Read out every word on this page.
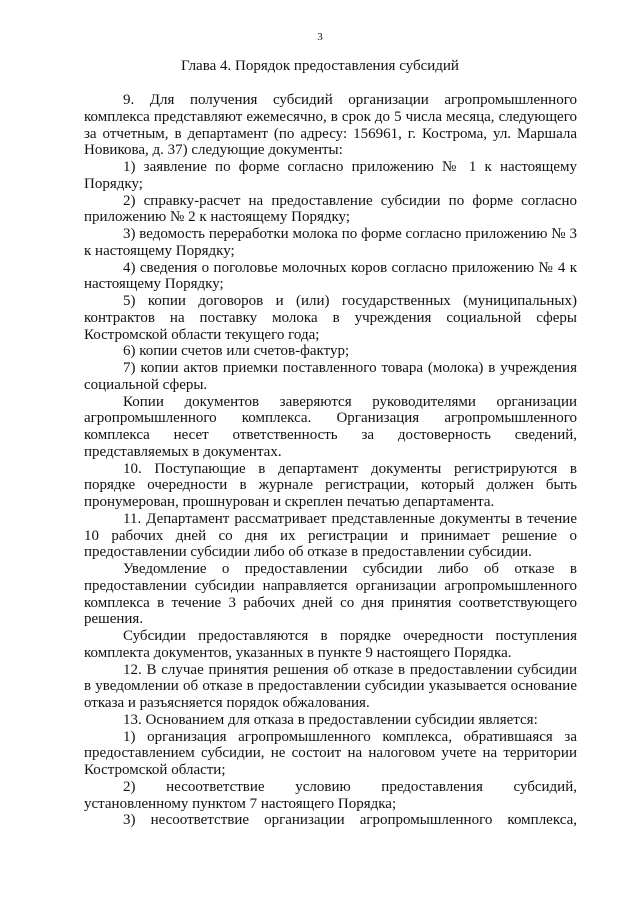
3
Глава 4. Порядок предоставления субсидий

9. Для получения субсидий организации агропромышленного комплекса представляют ежемесячно, в срок до 5 числа месяца, следующего за отчетным, в департамент (по адресу: 156961, г. Кострома, ул. Маршала Новикова, д. 37) следующие документы:

1) заявление по форме согласно приложению № 1 к настоящему Порядку;

2) справку-расчет на предоставление субсидии по форме согласно приложению № 2 к настоящему Порядку;

3) ведомость переработки молока по форме согласно приложению № 3 к настоящему Порядку;

4) сведения о поголовье молочных коров согласно приложению № 4 к настоящему Порядку;

5) копии договоров и (или) государственных (муниципальных) контрактов на поставку молока в учреждения социальной сферы Костромской области текущего года;

6) копии счетов или счетов-фактур;

7) копии актов приемки поставленного товара (молока) в учреждения социальной сферы.

Копии документов заверяются руководителями организации агропромышленного комплекса. Организация агропромышленного комплекса несет ответственность за достоверность сведений, представляемых в документах.

10. Поступающие в департамент документы регистрируются в порядке очередности в журнале регистрации, который должен быть пронумерован, прошнурован и скреплен печатью департамента.

11. Департамент рассматривает представленные документы в течение 10 рабочих дней со дня их регистрации и принимает решение о предоставлении субсидии либо об отказе в предоставлении субсидии.

Уведомление о предоставлении субсидии либо об отказе в предоставлении субсидии направляется организации агропромышленного комплекса в течение 3 рабочих дней со дня принятия соответствующего решения.

Субсидии предоставляются в порядке очередности поступления комплекта документов, указанных в пункте 9 настоящего Порядка.

12. В случае принятия решения об отказе в предоставлении субсидии в уведомлении об отказе в предоставлении субсидии указывается основание отказа и разъясняется порядок обжалования.

13. Основанием для отказа в предоставлении субсидии является:

1) организация агропромышленного комплекса, обратившаяся за предоставлением субсидии, не состоит на налоговом учете на территории Костромской области;

2) несоответствие условию предоставления субсидий, установленному пунктом 7 настоящего Порядка;

3) несоответствие организации агропромышленного комплекса,
